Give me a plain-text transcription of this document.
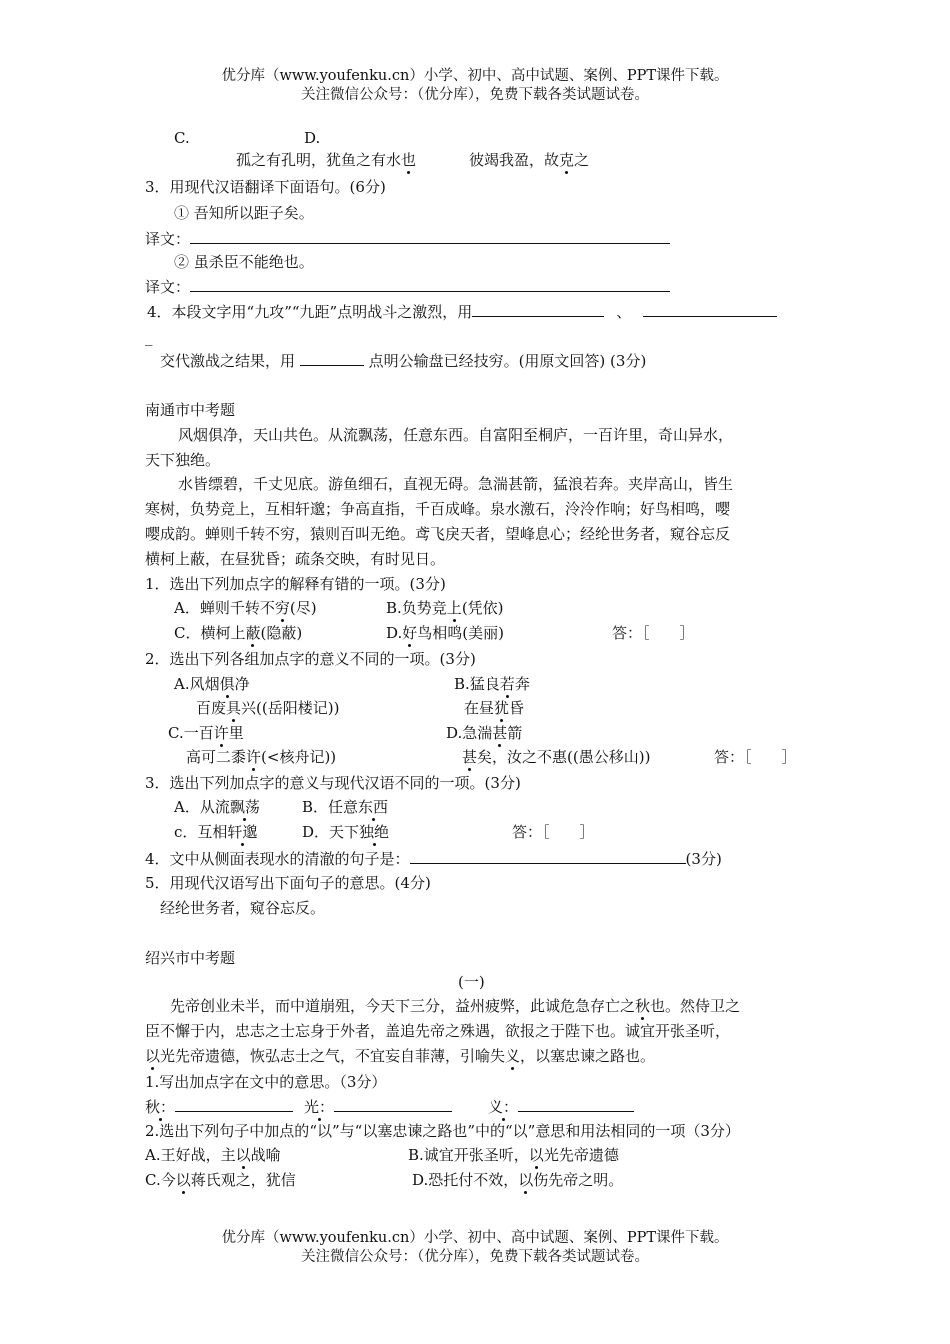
优分库（www.youfenku.cn）小学、初中、高中试题、案例、PPT课件下载。
关注微信公众号：（优分库），免费下载各类试题试卷。
C.	D.
孤之有孔明，犹鱼之有水也	彼竭我盈，故克之
3．用现代汉语翻译下面语句。(6分)
① 吾知所以距子矣。
译文：
② 虽杀臣不能绝也。
译文：
4．本段文字用“九攻”“九距”点明战斗之激烈，用	、
_
交代激战之结果，用	点明公输盘已经技穷。(用原文回答) (3分)
南通市中考题
风烟俱净，天山共色。从流飘荡，任意东西。自富阳至桐庐，一百许里，奇山异水，
天下独绝。
水皆缥碧，千丈见底。游鱼细石，直视无碍。急湍甚箭，猛浪若奔。夹岸高山，皆生
寒树，负势竞上，互相轩邈；争高直指，千百成峰。泉水激石，泠泠作响；好鸟相鸣，嘤
嘤成韵。蝉则千转不穷，猿则百叫无绝。鸢飞戾天者，望峰息心；经纶世务者，窥谷忘反
横柯上蔽，在昼犹昏；疏条交映，有时见日。
1．选出下列加点字的解释有错的一项。(3分)
A．蝉则千转不穷(尽)	B.负势竞上(凭依)
C．横柯上蔽(隐蔽)	D.好鸟相鸣(美丽)	答：［　　］
2．选出下列各组加点字的意义不同的一项。(3分)
A.风烟俱净	B.猛良若奔
百废具兴((岳阳楼记))	在昼犹昏
C.一百许里	D.急湍甚箭
高可二黍许(<核舟记))	甚矣，汝之不惠((愚公移山))	答：［　　］
3．选出下列加点字的意义与现代汉语不同的一项。(3分)
A．从流飘荡	B．任意东西
c．互相轩邈	D．天下独绝	答：［　　］
4．文中从侧面表现水的清澈的句子是：	(3分)
5．用现代汉语写出下面句子的意思。(4分)
经纶世务者，窥谷忘反。
绍兴市中考题
(一)
先帝创业未半，而中道崩殂，今天下三分，益州疲弊，此诚危急存亡之秋也。然侍卫之
臣不懈于内，忠志之士忘身于外者，盖追先帝之殊遇，欲报之于陛下也。诚宜开张圣听，
以光先帝遗德，恢弘志士之气，不宜妄自菲薄，引喻失义，以塞忠谏之路也。
1.写出加点字在文中的意思。（3分）
秋：	光：	义：
2.选出下列句子中加点的“以”与“以塞忠谏之路也”中的“以”意思和用法相同的一项（3分）
A.王好战，主以战喻	B.诚宜开张圣听，以光先帝遗德
C.今以蒋氏观之，犹信	D.恐托付不效，以伤先帝之明。
优分库（www.youfenku.cn）小学、初中、高中试题、案例、PPT课件下载。
关注微信公众号：（优分库），免费下载各类试题试卷。
